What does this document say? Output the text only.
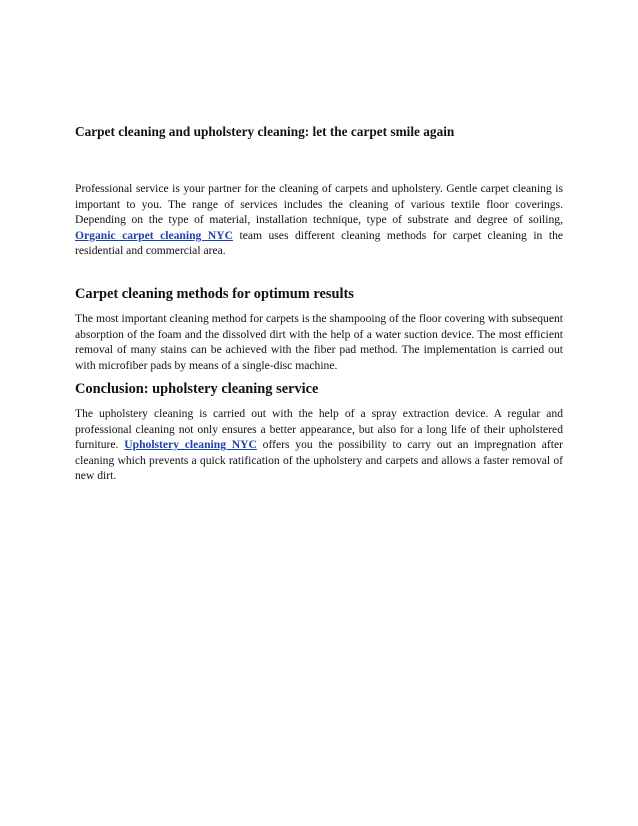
Carpet cleaning and upholstery cleaning: let the carpet smile again

Professional service is your partner for the cleaning of carpets and upholstery. Gentle carpet cleaning is important to you. The range of services includes the cleaning of various textile floor coverings. Depending on the type of material, installation technique, type of substrate and degree of soiling, Organic carpet cleaning NYC team uses different cleaning methods for carpet cleaning in the residential and commercial area.

Carpet cleaning methods for optimum results

The most important cleaning method for carpets is the shampooing of the floor covering with subsequent absorption of the foam and the dissolved dirt with the help of a water suction device. The most efficient removal of many stains can be achieved with the fiber pad method. The implementation is carried out with microfiber pads by means of a single-disc machine.

Conclusion: upholstery cleaning service

The upholstery cleaning is carried out with the help of a spray extraction device. A regular and professional cleaning not only ensures a better appearance, but also for a long life of their upholstered furniture. Upholstery cleaning NYC offers you the possibility to carry out an impregnation after cleaning which prevents a quick ratification of the upholstery and carpets and allows a faster removal of new dirt.
